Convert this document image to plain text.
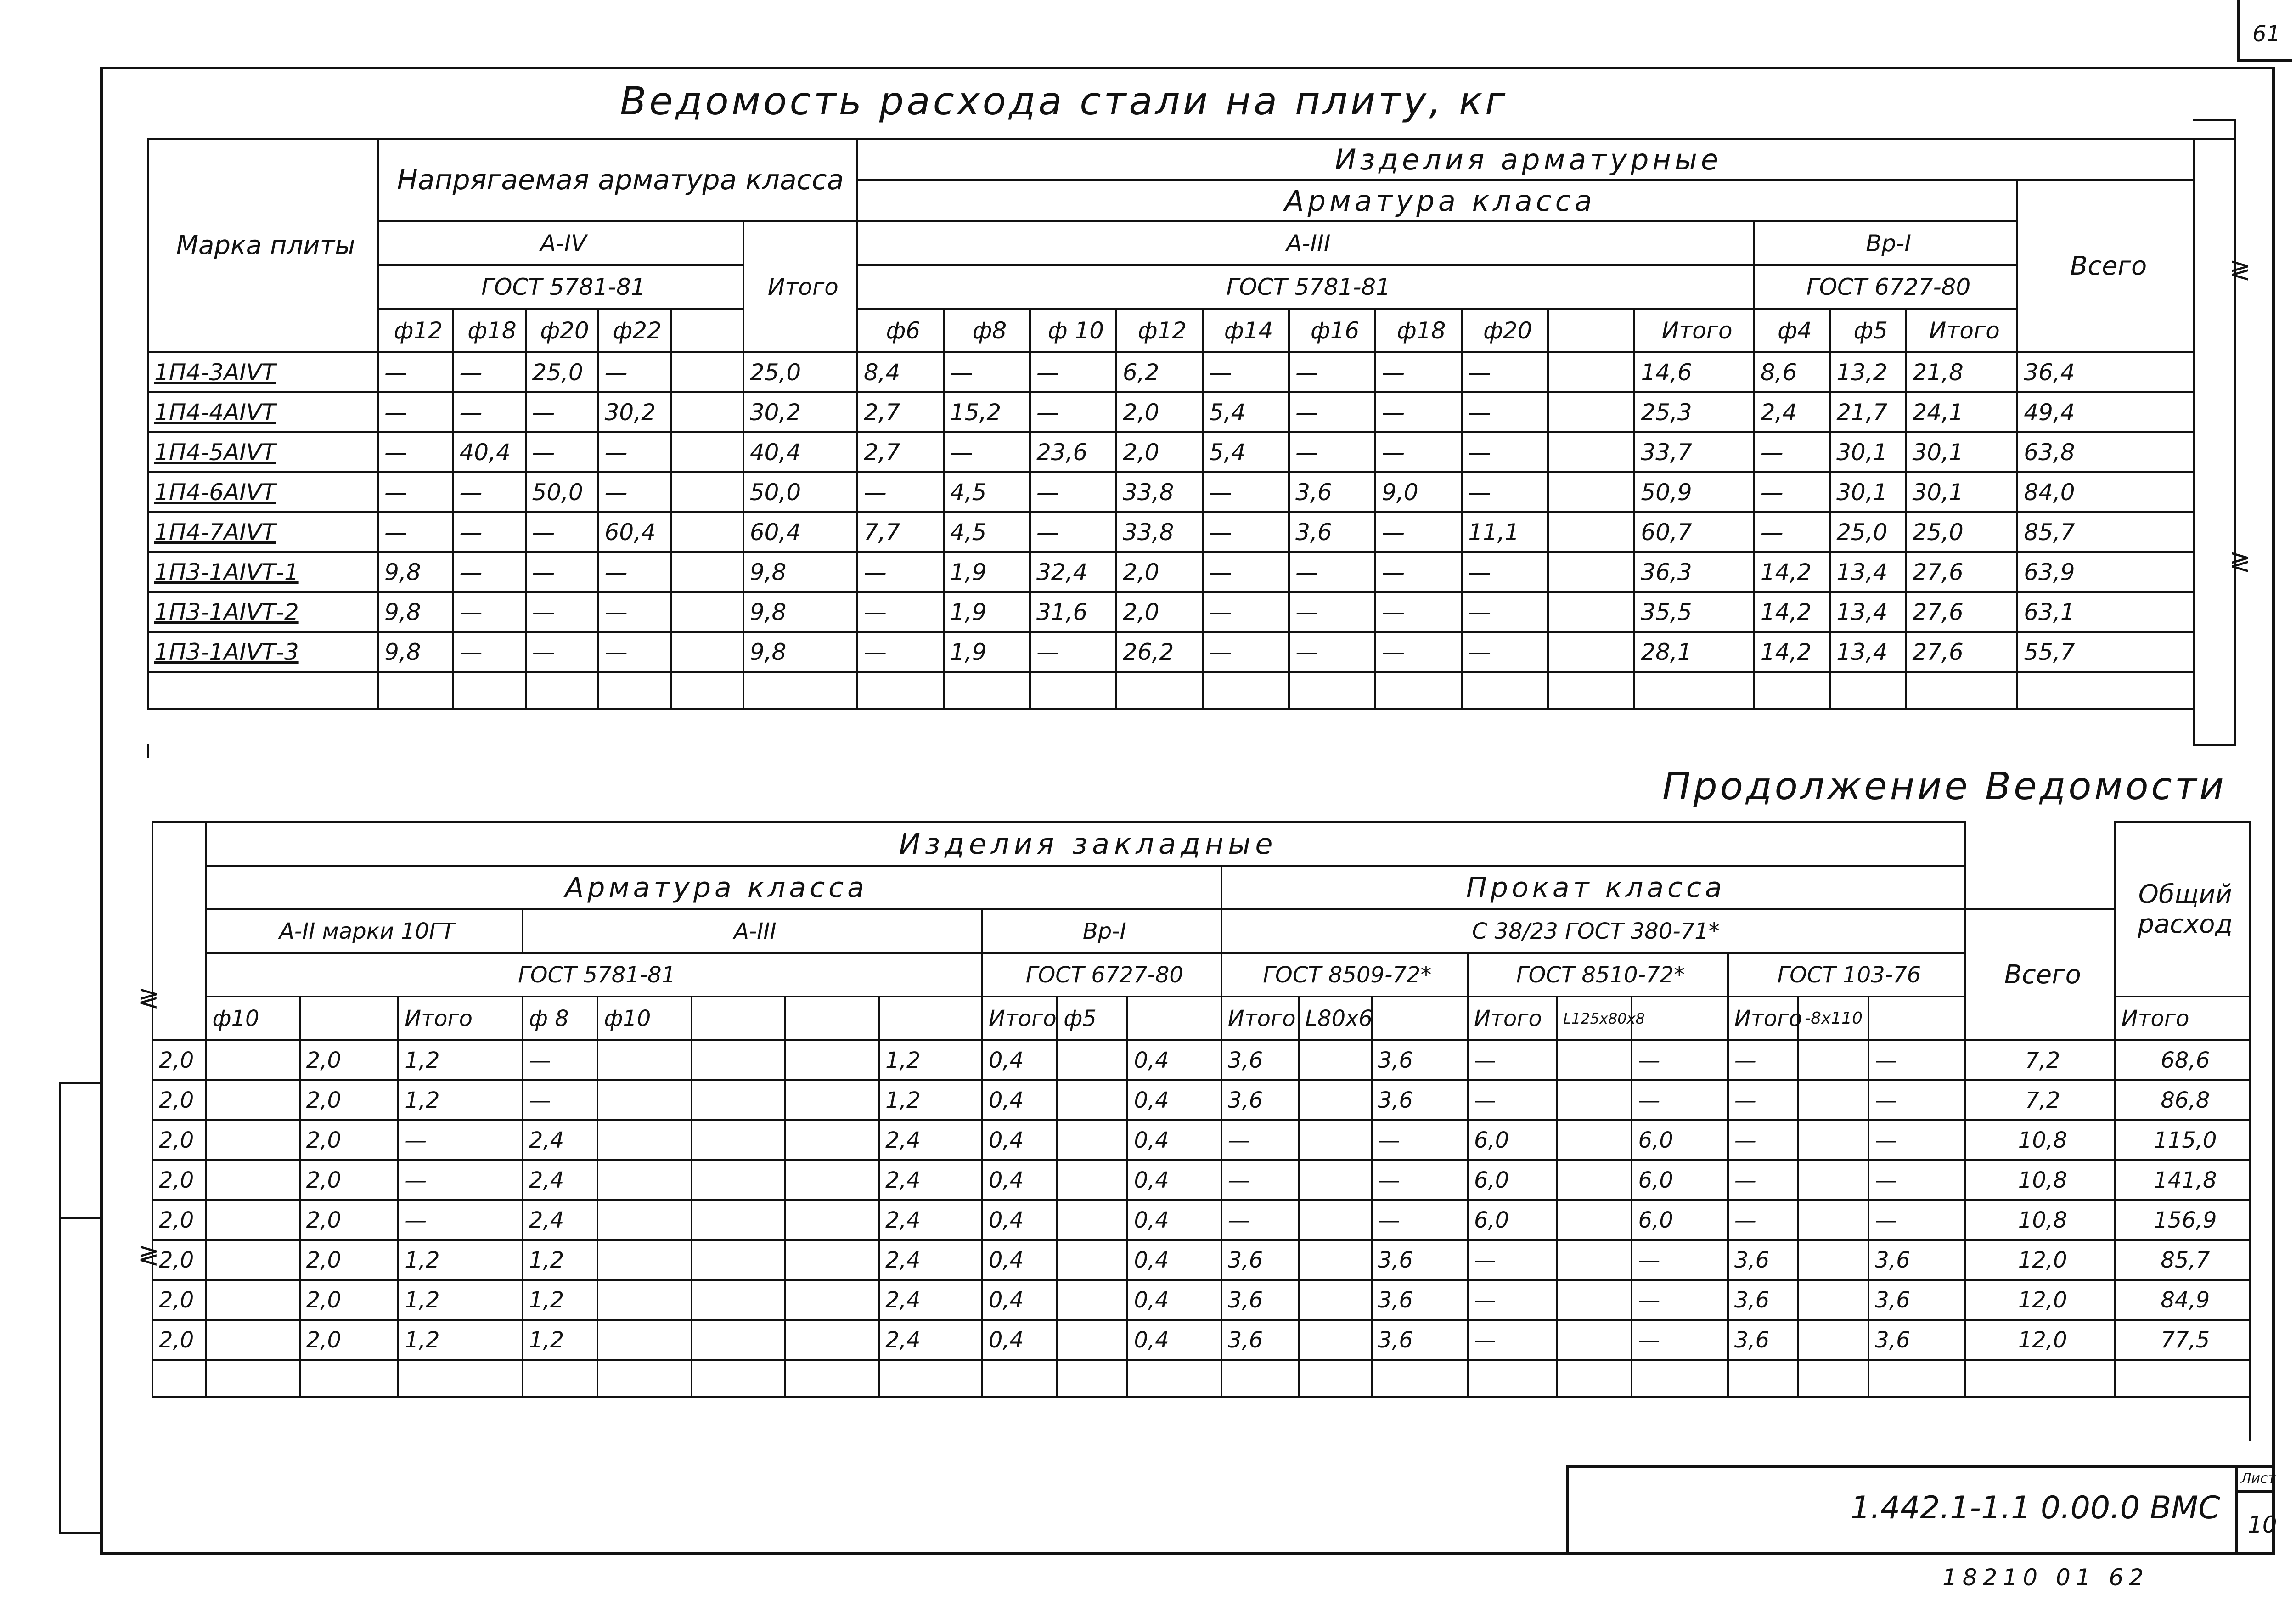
61
Ведомость расхода стали на плиту, кг
Марка плиты	Напрягаемая арматура класса						Изделия арматурные													
							Арматура класса													Всего
	А-IV					Итого	А-III										Вр-I			
	ГОСТ 5781-81						ГОСТ 5781-81										ГОСТ 6727-80			
	ф12	ф18	ф20	ф22			ф6	ф8	ф 10	ф12	ф14	ф16	ф18	ф20		Итого	ф4	ф5	Итого	
1П4-3АIVТ	—	—	25,0	—		25,0	8,4	—	—	6,2	—	—	—	—		14,6	8,6	13,2	21,8	36,4
1П4-4АIVТ	—	—	—	30,2		30,2	2,7	15,2	—	2,0	5,4	—	—	—		25,3	2,4	21,7	24,1	49,4
1П4-5АIVТ	—	40,4	—	—		40,4	2,7	—	23,6	2,0	5,4	—	—	—		33,7	—	30,1	30,1	63,8
1П4-6АIVТ	—	—	50,0	—		50,0	—	4,5	—	33,8	—	3,6	9,0	—		50,9	—	30,1	30,1	84,0
1П4-7АIVТ	—	—	—	60,4		60,4	7,7	4,5	—	33,8	—	3,6	—	11,1		60,7	—	25,0	25,0	85,7
1П3-1АIVТ-1	9,8	—	—	—		9,8	—	1,9	32,4	2,0	—	—	—	—		36,3	14,2	13,4	27,6	63,9
1П3-1АIVТ-2	9,8	—	—	—		9,8	—	1,9	31,6	2,0	—	—	—	—		35,5	14,2	13,4	27,6	63,1
1П3-1АIVТ-3	9,8	—	—	—		9,8	—	1,9	—	26,2	—	—	—	—		28,1	14,2	13,4	27,6	55,7

≷
≷
≷
≷
Продолжение Ведомости
	Изделия закладные																					Общий расход
	Арматура класса											Прокат класса										
	А-II марки 10ГТ			А-III					Вр-I			С 38/23 ГОСТ 380-71*									Всего	
	ГОСТ 5781-81								ГОСТ 6727-80			ГОСТ 8509-72*			ГОСТ 8510-72*			ГОСТ 103-76				
	ф10		Итого	ф 8	ф10				Итого	ф5		Итого	L80х6		Итого	L125х80х8		Итого	-8х110			Итого
2,0		2,0	1,2	—				1,2	0,4		0,4	3,6		3,6	—		—	—		—	7,2	68,6
2,0		2,0	1,2	—				1,2	0,4		0,4	3,6		3,6	—		—	—		—	7,2	86,8
2,0		2,0	—	2,4				2,4	0,4		0,4	—		—	6,0		6,0	—		—	10,8	115,0
2,0		2,0	—	2,4				2,4	0,4		0,4	—		—	6,0		6,0	—		—	10,8	141,8
2,0		2,0	—	2,4				2,4	0,4		0,4	—		—	6,0		6,0	—		—	10,8	156,9
2,0		2,0	1,2	1,2				2,4	0,4		0,4	3,6		3,6	—		—	3,6		3,6	12,0	85,7
2,0		2,0	1,2	1,2				2,4	0,4		0,4	3,6		3,6	—		—	3,6		3,6	12,0	84,9
2,0		2,0	1,2	1,2				2,4	0,4		0,4	3,6		3,6	—		—	3,6		3,6	12,0	77,5

1.442.1-1.1 0.00.0 ВМС
Лист
10
18210 01 62
